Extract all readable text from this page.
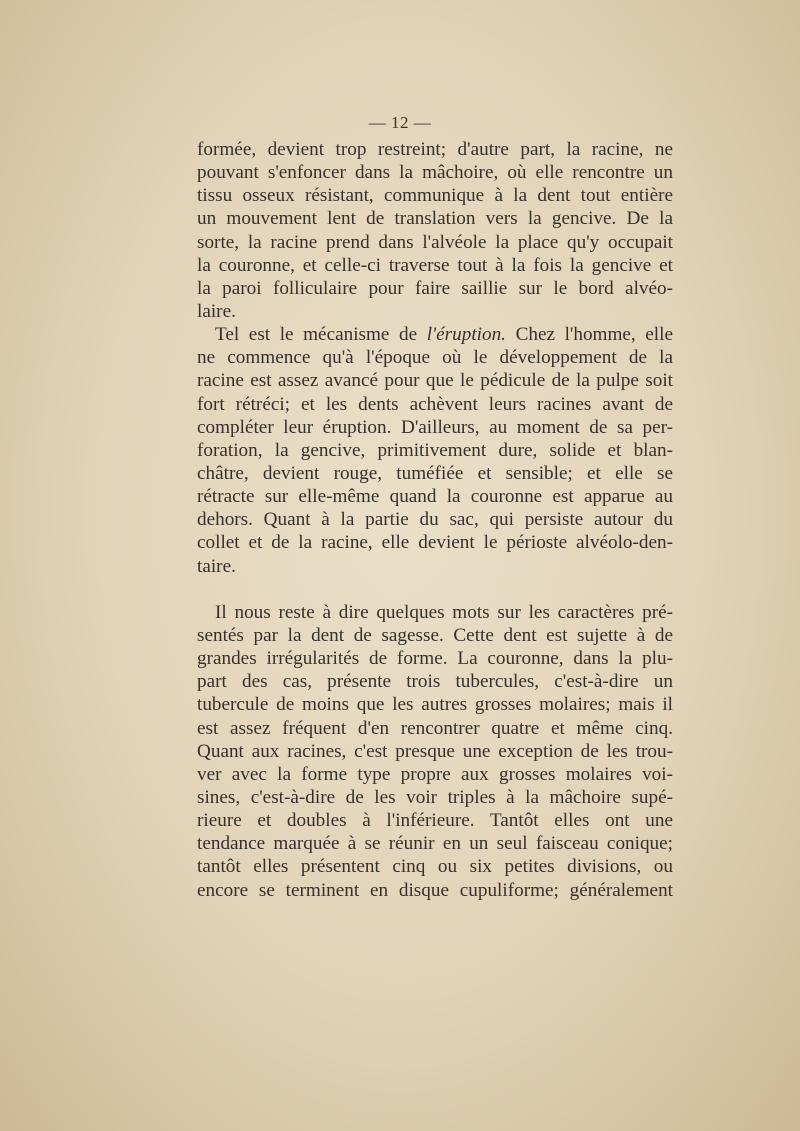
— 12 —
formée, devient trop restreint; d'autre part, la racine, ne
pouvant s'enfoncer dans la mâchoire, où elle rencontre un
tissu osseux résistant, communique à la dent tout entière
un mouvement lent de translation vers la gencive. De la
sorte, la racine prend dans l'alvéole la place qu'y occupait
la couronne, et celle-ci traverse tout à la fois la gencive et
la paroi folliculaire pour faire saillie sur le bord alvéo-
laire.
Tel est le mécanisme de l'éruption. Chez l'homme, elle
ne commence qu'à l'époque où le développement de la
racine est assez avancé pour que le pédicule de la pulpe soit
fort rétréci; et les dents achèvent leurs racines avant de
compléter leur éruption. D'ailleurs, au moment de sa per-
foration, la gencive, primitivement dure, solide et blan-
châtre, devient rouge, tuméfiée et sensible; et elle se
rétracte sur elle-même quand la couronne est apparue au
dehors. Quant à la partie du sac, qui persiste autour du
collet et de la racine, elle devient le périoste alvéolo-den-
taire.
Il nous reste à dire quelques mots sur les caractères pré-
sentés par la dent de sagesse. Cette dent est sujette à de
grandes irrégularités de forme. La couronne, dans la plu-
part des cas, présente trois tubercules, c'est-à-dire un
tubercule de moins que les autres grosses molaires; mais il
est assez fréquent d'en rencontrer quatre et même cinq.
Quant aux racines, c'est presque une exception de les trou-
ver avec la forme type propre aux grosses molaires voi-
sines, c'est-à-dire de les voir triples à la mâchoire supé-
rieure et doubles à l'inférieure. Tantôt elles ont une
tendance marquée à se réunir en un seul faisceau conique;
tantôt elles présentent cinq ou six petites divisions, ou
encore se terminent en disque cupuliforme; généralement
